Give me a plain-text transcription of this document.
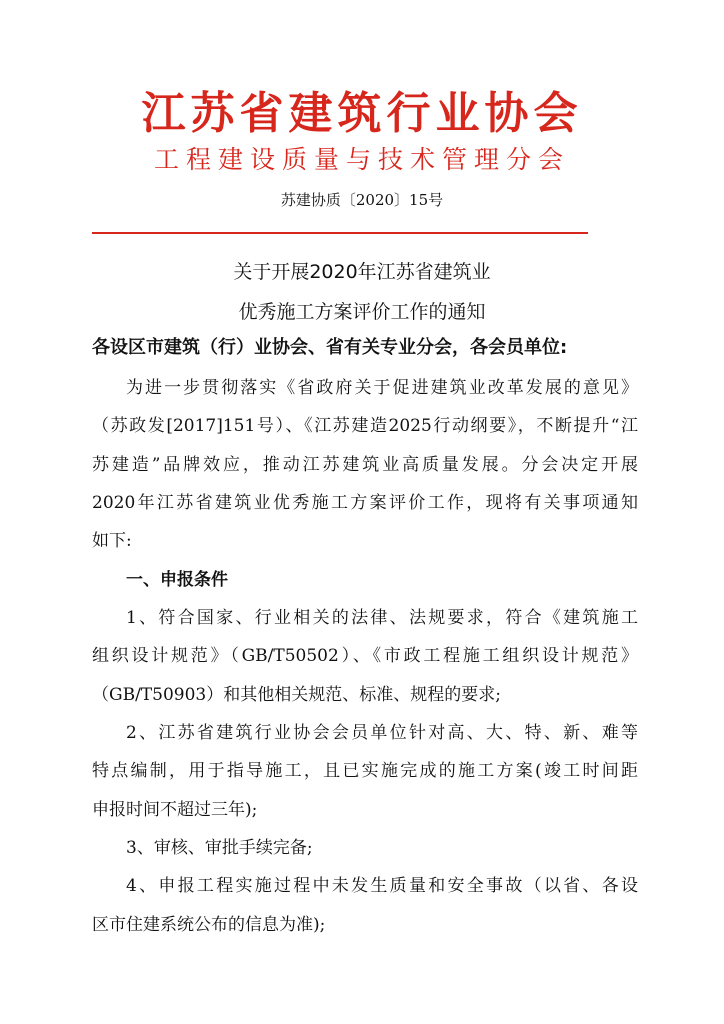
江苏省建筑行业协会
工程建设质量与技术管理分会
苏建协质〔2020〕15号
关于开展2020年江苏省建筑业
优秀施工方案评价工作的通知
各设区市建筑（行）业协会、省有关专业分会，各会员单位:
为进一步贯彻落实《省政府关于促进建筑业改革发展的意见》
（苏政发[2017]151号）、《江苏建造2025行动纲要》，不断提升“江
苏建造”品牌效应，推动江苏建筑业高质量发展。分会决定开展
2020年江苏省建筑业优秀施工方案评价工作，现将有关事项通知
如下:
一、申报条件
1、符合国家、行业相关的法律、法规要求，符合《建筑施工
组织设计规范》（GB/T50502）、《市政工程施工组织设计规范》
（GB/T50903）和其他相关规范、标准、规程的要求;
2、江苏省建筑行业协会会员单位针对高、大、特、新、难等
特点编制，用于指导施工，且已实施完成的施工方案(竣工时间距
申报时间不超过三年);
3、审核、审批手续完备;
4、申报工程实施过程中未发生质量和安全事故（以省、各设
区市住建系统公布的信息为准);
